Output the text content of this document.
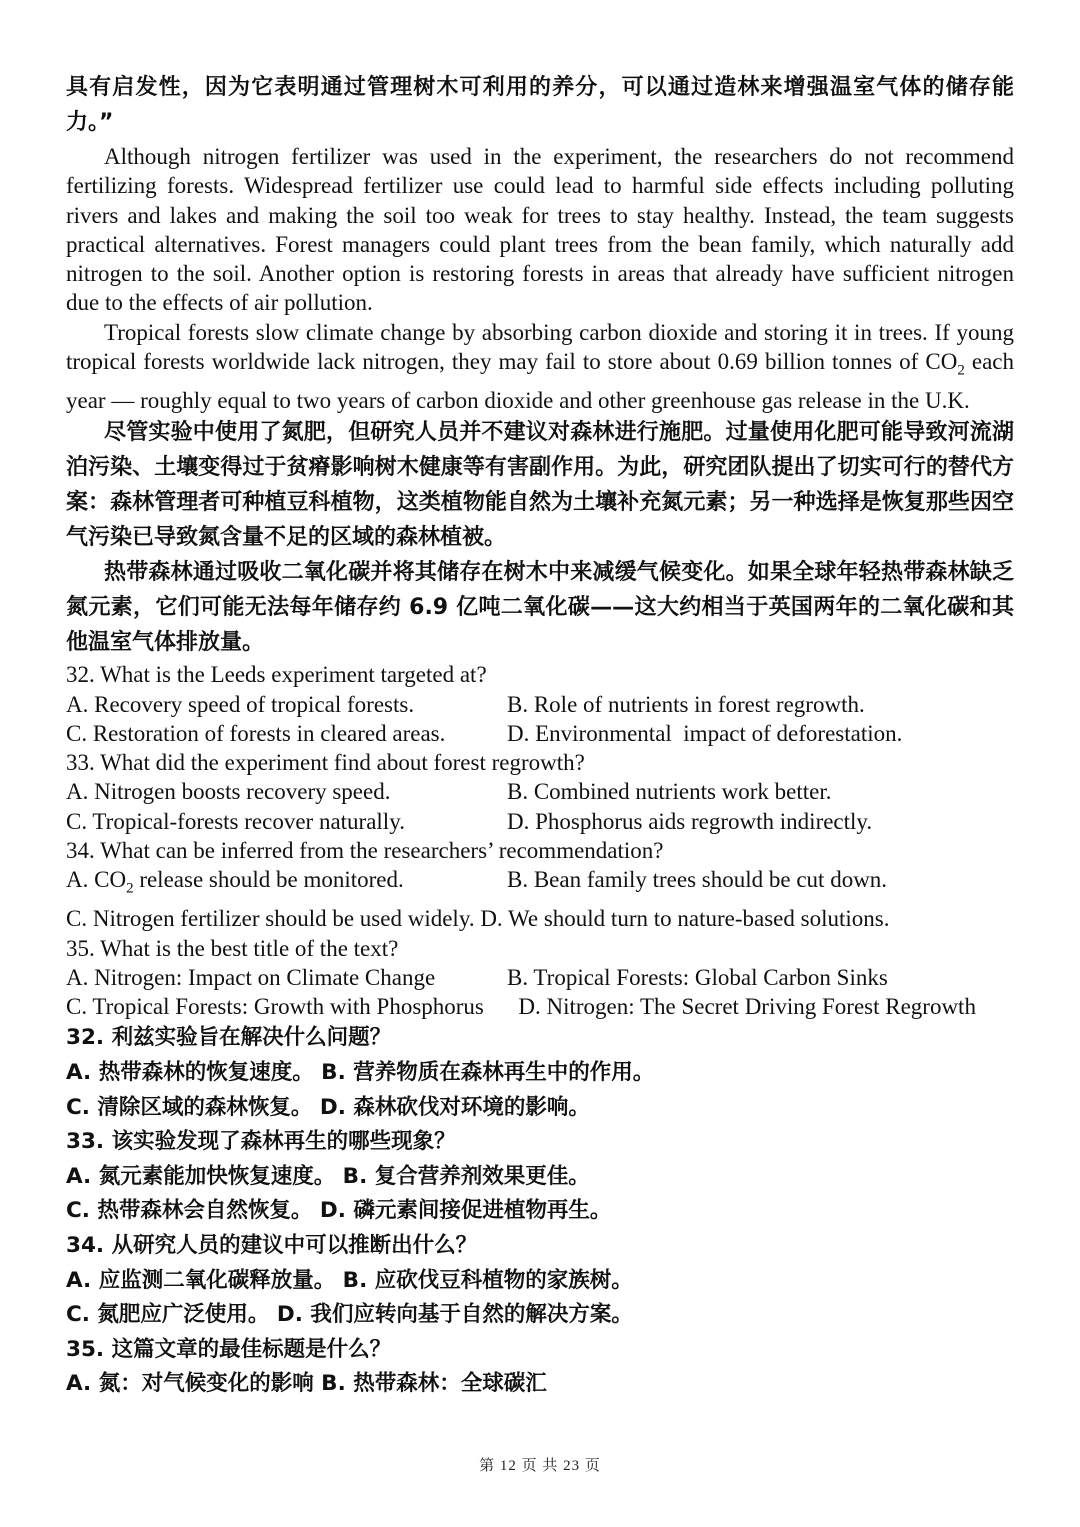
具有启发性，因为它表明通过管理树木可利用的养分，可以通过造林来增强温室气体的储存能力。”

Although nitrogen fertilizer was used in the experiment, the researchers do not recommend fertilizing forests. Widespread fertilizer use could lead to harmful side effects including polluting rivers and lakes and making the soil too weak for trees to stay healthy. Instead, the team suggests practical alternatives. Forest managers could plant trees from the bean family, which naturally add nitrogen to the soil. Another option is restoring forests in areas that already have sufficient nitrogen due to the effects of air pollution.

Tropical forests slow climate change by absorbing carbon dioxide and storing it in trees. If young tropical forests worldwide lack nitrogen, they may fail to store about 0.69 billion tonnes of $CO_2$ each year — roughly equal to two years of carbon dioxide and other greenhouse gas release in the U.K.

尽管实验中使用了氮肥，但研究人员并不建议对森林进行施肥。过量使用化肥可能导致河流湖泊污染、土壤变得过于贫瘠影响树木健康等有害副作用。为此，研究团队提出了切实可行的替代方案：森林管理者可种植豆科植物，这类植物能自然为土壤补充氮元素；另一种选择是恢复那些因空气污染已导致氮含量不足的区域的森林植被。

热带森林通过吸收二氧化碳并将其储存在树木中来减缓气候变化。如果全球年轻热带森林缺乏氮元素，它们可能无法每年储存约 6.9 亿吨二氧化碳——这大约相当于英国两年的二氧化碳和其他温室气体排放量。

32. What is the Leeds experiment targeted at?

A. Recovery speed of tropical forests.	B. Role of nutrients in forest regrowth.
C. Restoration of forests in cleared areas.	D. Environmental  impact of deforestation.

33. What did the experiment find about forest regrowth?

A. Nitrogen boosts recovery speed.	B. Combined nutrients work better.
C. Tropical-forests recover naturally.	D. Phosphorus aids regrowth indirectly.

34. What can be inferred from the researchers’ recommendation?

A. $CO_2$ release should be monitored.	B. Bean family trees should be cut down.

C. Nitrogen fertilizer should be used widely. D. We should turn to nature-based solutions.

35. What is the best title of the text?

A. Nitrogen: Impact on Climate Change	B. Tropical Forests: Global Carbon Sinks

C. Tropical Forests: Growth with Phosphorus      D. Nitrogen: The Secret Driving Forest Regrowth

32. 利兹实验旨在解决什么问题？

A. 热带森林的恢复速度。 B. 营养物质在森林再生中的作用。

C. 清除区域的森林恢复。 D. 森林砍伐对环境的影响。

33. 该实验发现了森林再生的哪些现象？

A. 氮元素能加快恢复速度。 B. 复合营养剂效果更佳。

C. 热带森林会自然恢复。 D. 磷元素间接促进植物再生。

34. 从研究人员的建议中可以推断出什么？

A. 应监测二氧化碳释放量。 B. 应砍伐豆科植物的家族树。

C. 氮肥应广泛使用。 D. 我们应转向基于自然的解决方案。

35. 这篇文章的最佳标题是什么？

A. 氮：对气候变化的影响 B. 热带森林：全球碳汇

第 12 页 共 23 页
